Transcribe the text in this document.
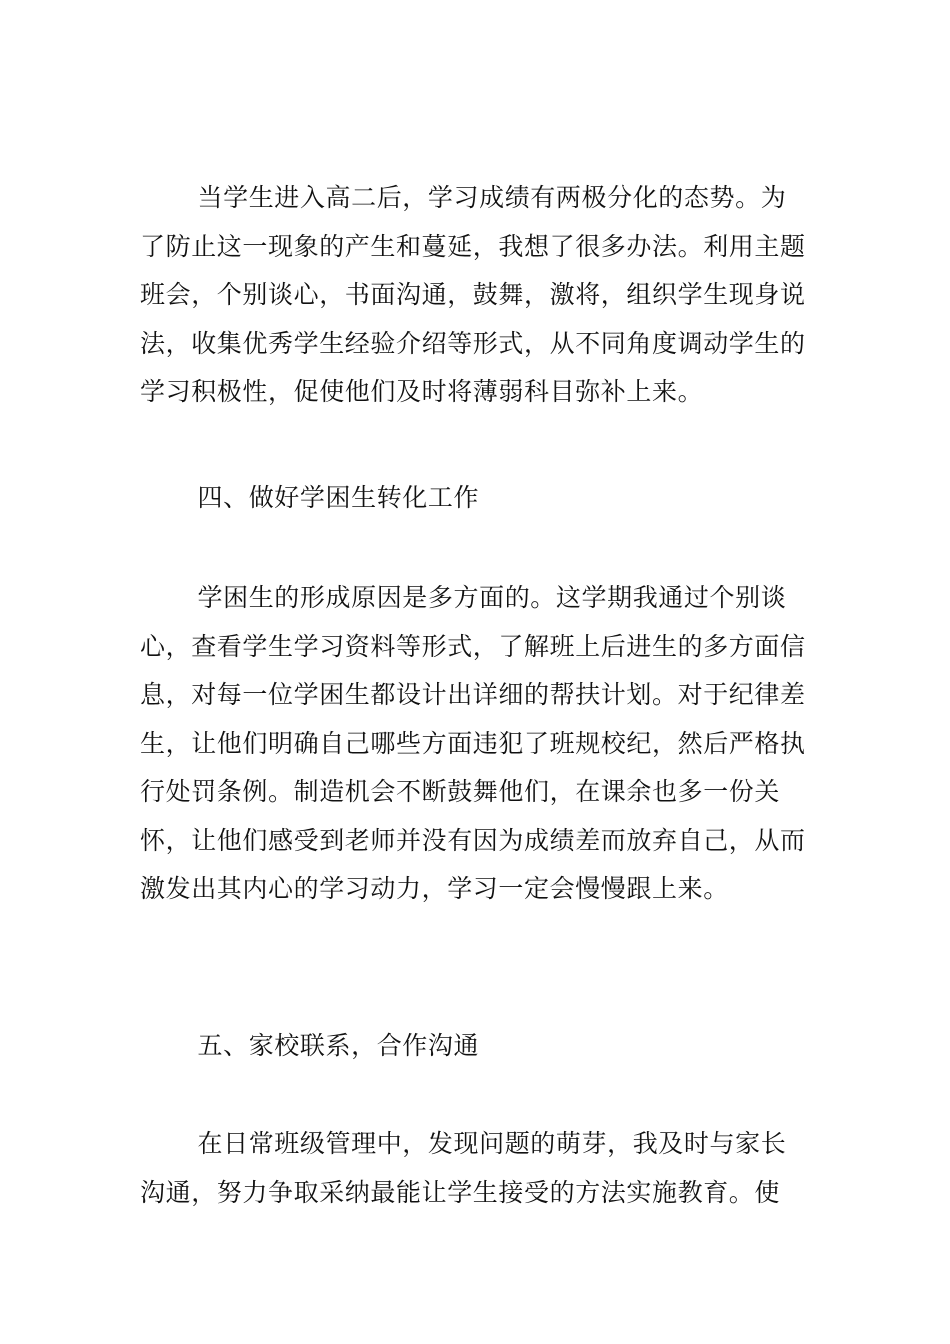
当学生进入高二后，学习成绩有两极分化的态势。为了防止这一现象的产生和蔓延，我想了很多办法。利用主题班会，个别谈心，书面沟通，鼓舞，激将，组织学生现身说法，收集优秀学生经验介绍等形式，从不同角度调动学生的学习积极性，促使他们及时将薄弱科目弥补上来。

四、做好学困生转化工作

学困生的形成原因是多方面的。这学期我通过个别谈心，查看学生学习资料等形式，了解班上后进生的多方面信息，对每一位学困生都设计出详细的帮扶计划。对于纪律差生，让他们明确自己哪些方面违犯了班规校纪，然后严格执行处罚条例。制造机会不断鼓舞他们，在课余也多一份关怀，让他们感受到老师并没有因为成绩差而放弃自己，从而激发出其内心的学习动力，学习一定会慢慢跟上来。

五、家校联系，合作沟通

在日常班级管理中，发现问题的萌芽，我及时与家长沟通，努力争取采纳最能让学生接受的方法实施教育。使
